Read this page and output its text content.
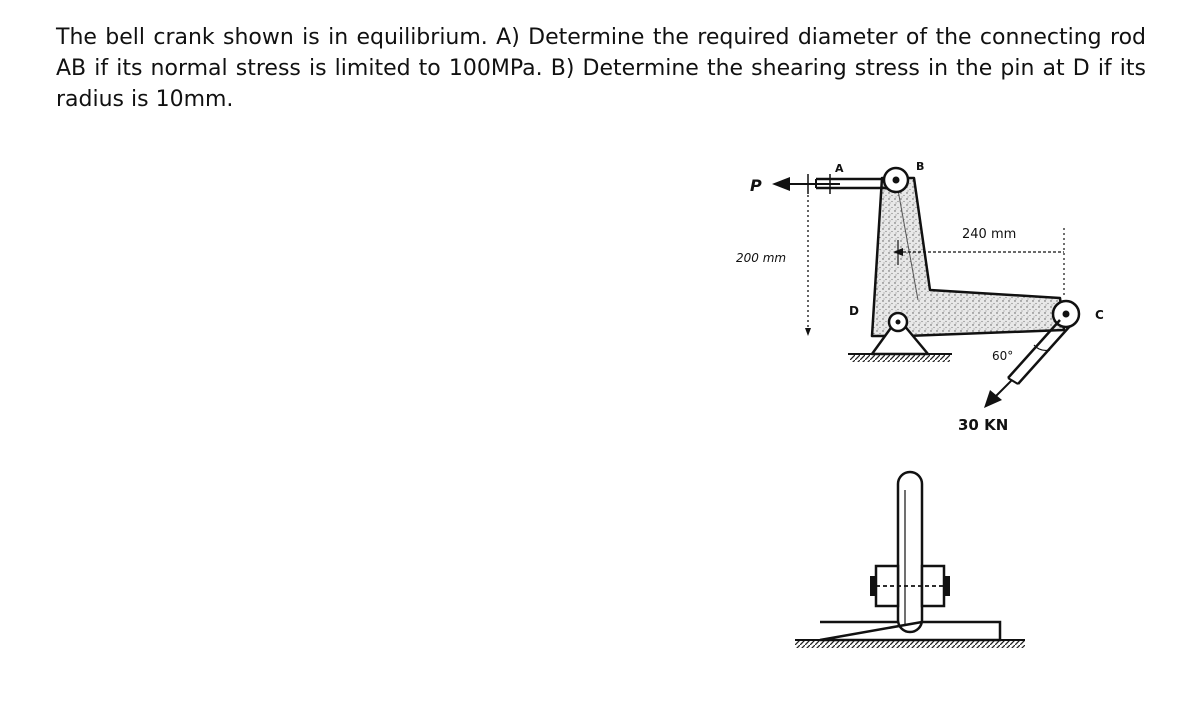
The bell crank shown is in equilibrium. A) Determine the required diameter of the connecting rod AB if its normal stress is limited to 100MPa. B) Determine the shearing stress in the pin at D if its radius is 10mm.

P
A	B
200 mm
240 mm
D	C
60°
30 KN
